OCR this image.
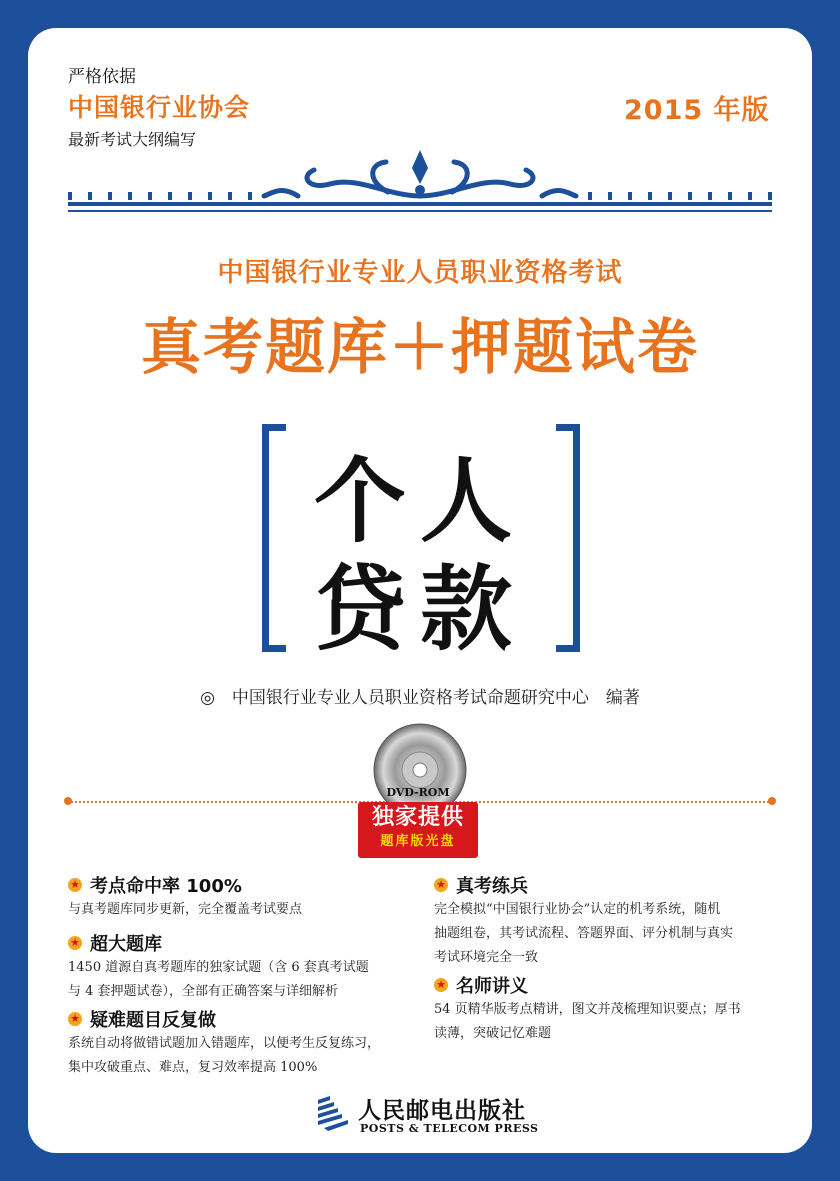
严格依据
中国银行业协会
最新考试大纲编写
2015 年版
中国银行业专业人员职业资格考试
真考题库＋押题试卷
个人
贷款
◎　中国银行业专业人员职业资格考试命题研究中心　编著
DVD-ROM
独家提供
题库版光盘
★ 考点命中率 100%
与真考题库同步更新，完全覆盖考试要点
★ 超大题库
1450 道源自真考题库的独家试题（含 6 套真考试题
与 4 套押题试卷），全部有正确答案与详细解析
★ 疑难题目反复做
系统自动将做错试题加入错题库，以便考生反复练习，
集中攻破重点、难点，复习效率提高 100%
★ 真考练兵
完全模拟“中国银行业协会”认定的机考系统，随机
抽题组卷，其考试流程、答题界面、评分机制与真实
考试环境完全一致
★ 名师讲义
54 页精华版考点精讲，图文并茂梳理知识要点；厚书
读薄，突破记忆难题
人民邮电出版社
POSTS & TELECOM PRESS
